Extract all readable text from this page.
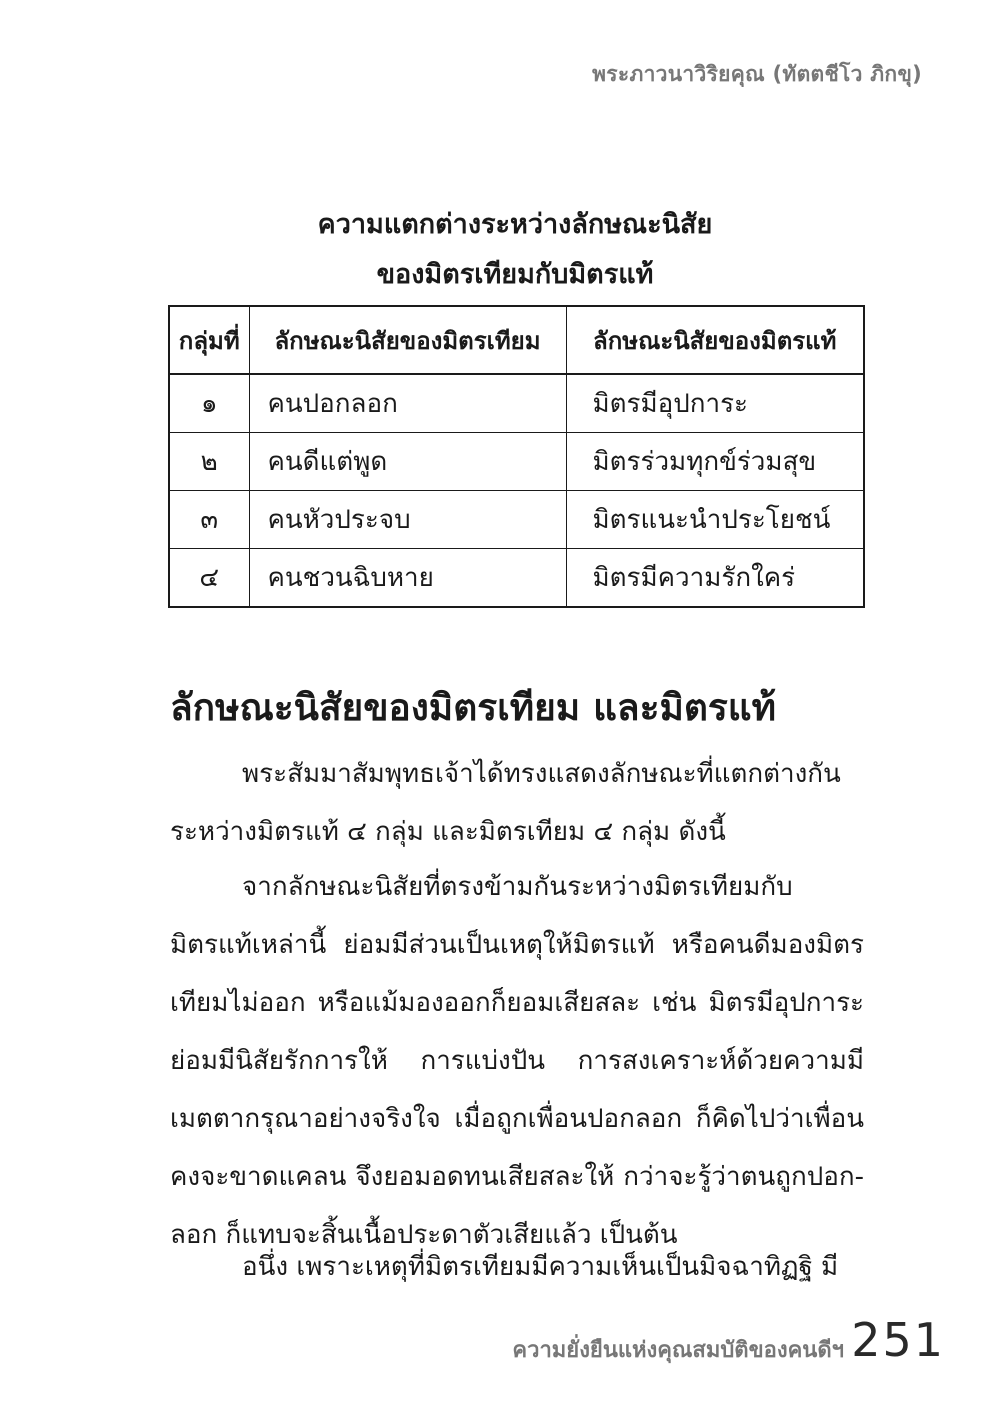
พระภาวนาวิริยคุณ (ทัตตชีโว ภิกขุ)
ความแตกต่างระหว่างลักษณะนิสัย
ของมิตรเทียมกับมิตรแท้
กลุ่มที่	ลักษณะนิสัยของมิตรเทียม	ลักษณะนิสัยของมิตรแท้
๑	คนปอกลอก	มิตรมีอุปการะ
๒	คนดีแต่พูด	มิตรร่วมทุกข์ร่วมสุข
๓	คนหัวประจบ	มิตรแนะนำประโยชน์
๔	คนชวนฉิบหาย	มิตรมีความรักใคร่
ลักษณะนิสัยของมิตรเทียม และมิตรแท้

พระสัมมาสัมพุทธเจ้าได้ทรงแสดงลักษณะที่แตกต่างกันระหว่างมิตรแท้ ๔ กลุ่ม และมิตรเทียม ๔ กลุ่ม ดังนี้

จากลักษณะนิสัยที่ตรงข้ามกันระหว่างมิตรเทียมกับมิตรแท้เหล่านี้ ย่อมมีส่วนเป็นเหตุให้มิตรแท้ หรือคนดีมองมิตรเทียมไม่ออก หรือแม้มองออกก็ยอมเสียสละ เช่น มิตรมีอุปการะ ย่อมมีนิสัยรักการให้ การแบ่งปัน การสงเคราะห์ด้วยความมีเมตตากรุณาอย่างจริงใจ เมื่อถูกเพื่อนปอกลอก ก็คิดไปว่าเพื่อนคงจะขาดแคลน จึงยอมอดทนเสียสละให้ กว่าจะรู้ว่าตนถูกปอก-ลอก ก็แทบจะสิ้นเนื้อประดาตัวเสียแล้ว เป็นต้น

อนึ่ง เพราะเหตุที่มิตรเทียมมีความเห็นเป็นมิจฉาทิฏฐิ มี

ความยั่งยืนแห่งคุณสมบัติของคนดีฯ 251
